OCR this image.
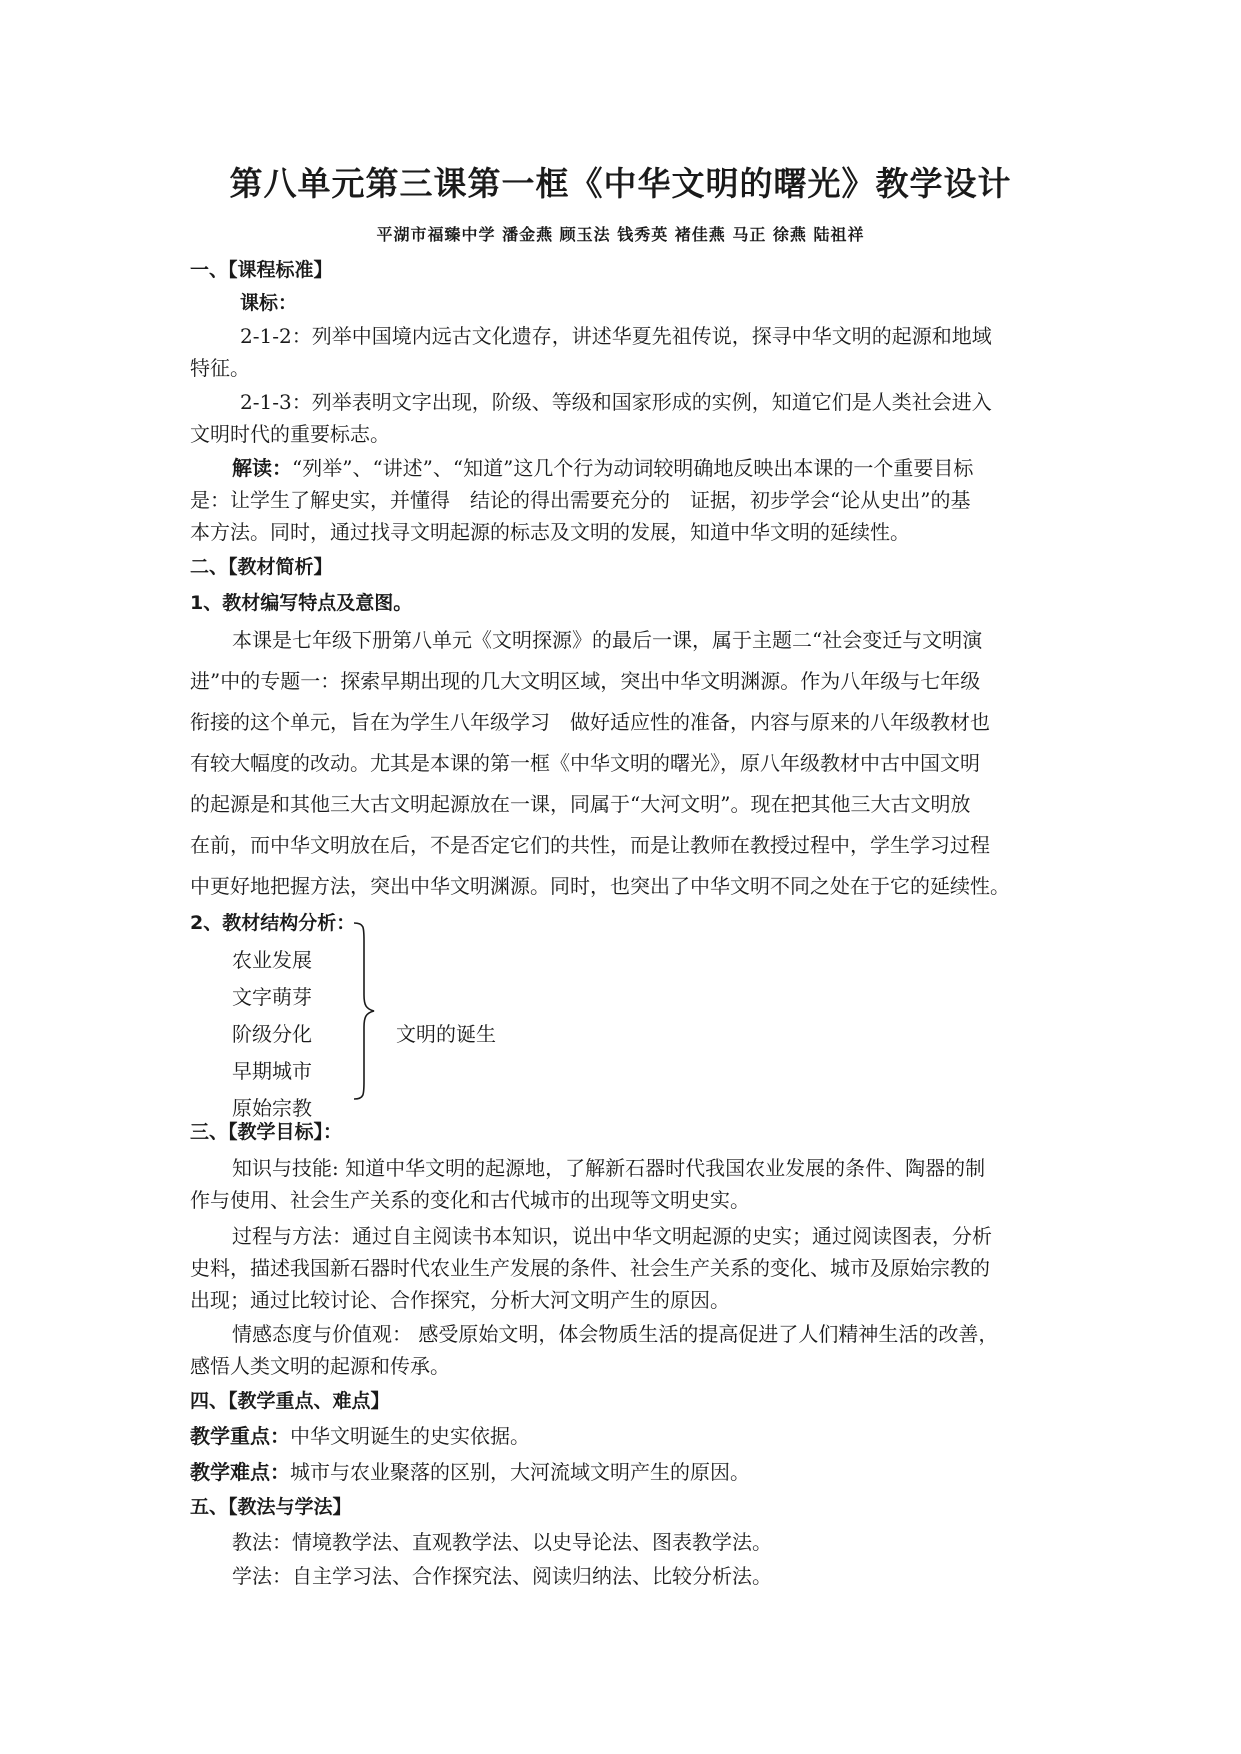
第八单元第三课第一框《中华文明的曙光》教学设计
平湖市福臻中学 潘金燕 顾玉法 钱秀英 褚佳燕 马正 徐燕 陆祖祥
一、【课程标准】
课标：
2-1-2：列举中国境内远古文化遗存，讲述华夏先祖传说，探寻中华文明的起源和地域
特征。
2-1-3：列举表明文字出现，阶级、等级和国家形成的实例，知道它们是人类社会进入
文明时代的重要标志。
解读：“列举”、“讲述”、“知道”这几个行为动词较明确地反映出本课的一个重要目标
是：让学生了解史实，并懂得　结论的得出需要充分的　证据，初步学会“论从史出”的基
本方法。同时，通过找寻文明起源的标志及文明的发展，知道中华文明的延续性。
二、【教材简析】
1、教材编写特点及意图。
本课是七年级下册第八单元《文明探源》的最后一课，属于主题二“社会变迁与文明演
进”中的专题一：探索早期出现的几大文明区域，突出中华文明渊源。作为八年级与七年级
衔接的这个单元，旨在为学生八年级学习　做好适应性的准备，内容与原来的八年级教材也
有较大幅度的改动。尤其是本课的第一框《中华文明的曙光》，原八年级教材中古中国文明
的起源是和其他三大古文明起源放在一课，同属于“大河文明”。现在把其他三大古文明放
在前，而中华文明放在后，不是否定它们的共性，而是让教师在教授过程中，学生学习过程
中更好地把握方法，突出中华文明渊源。同时，也突出了中华文明不同之处在于它的延续性。
2、教材结构分析：
农业发展
文字萌芽
阶级分化
早期城市
原始宗教
文明的诞生
三、【教学目标】：
知识与技能: 知道中华文明的起源地，了解新石器时代我国农业发展的条件、陶器的制
作与使用、社会生产关系的变化和古代城市的出现等文明史实。
过程与方法：通过自主阅读书本知识，说出中华文明起源的史实；通过阅读图表，分析
史料，描述我国新石器时代农业生产发展的条件、社会生产关系的变化、城市及原始宗教的
出现；通过比较讨论、合作探究，分析大河文明产生的原因。
情感态度与价值观： 感受原始文明，体会物质生活的提高促进了人们精神生活的改善，
感悟人类文明的起源和传承。
四、【教学重点、难点】
教学重点：中华文明诞生的史实依据。
教学难点：城市与农业聚落的区别，大河流域文明产生的原因。
五、【教法与学法】
教法：情境教学法、直观教学法、以史导论法、图表教学法。
学法：自主学习法、合作探究法、阅读归纳法、比较分析法。
